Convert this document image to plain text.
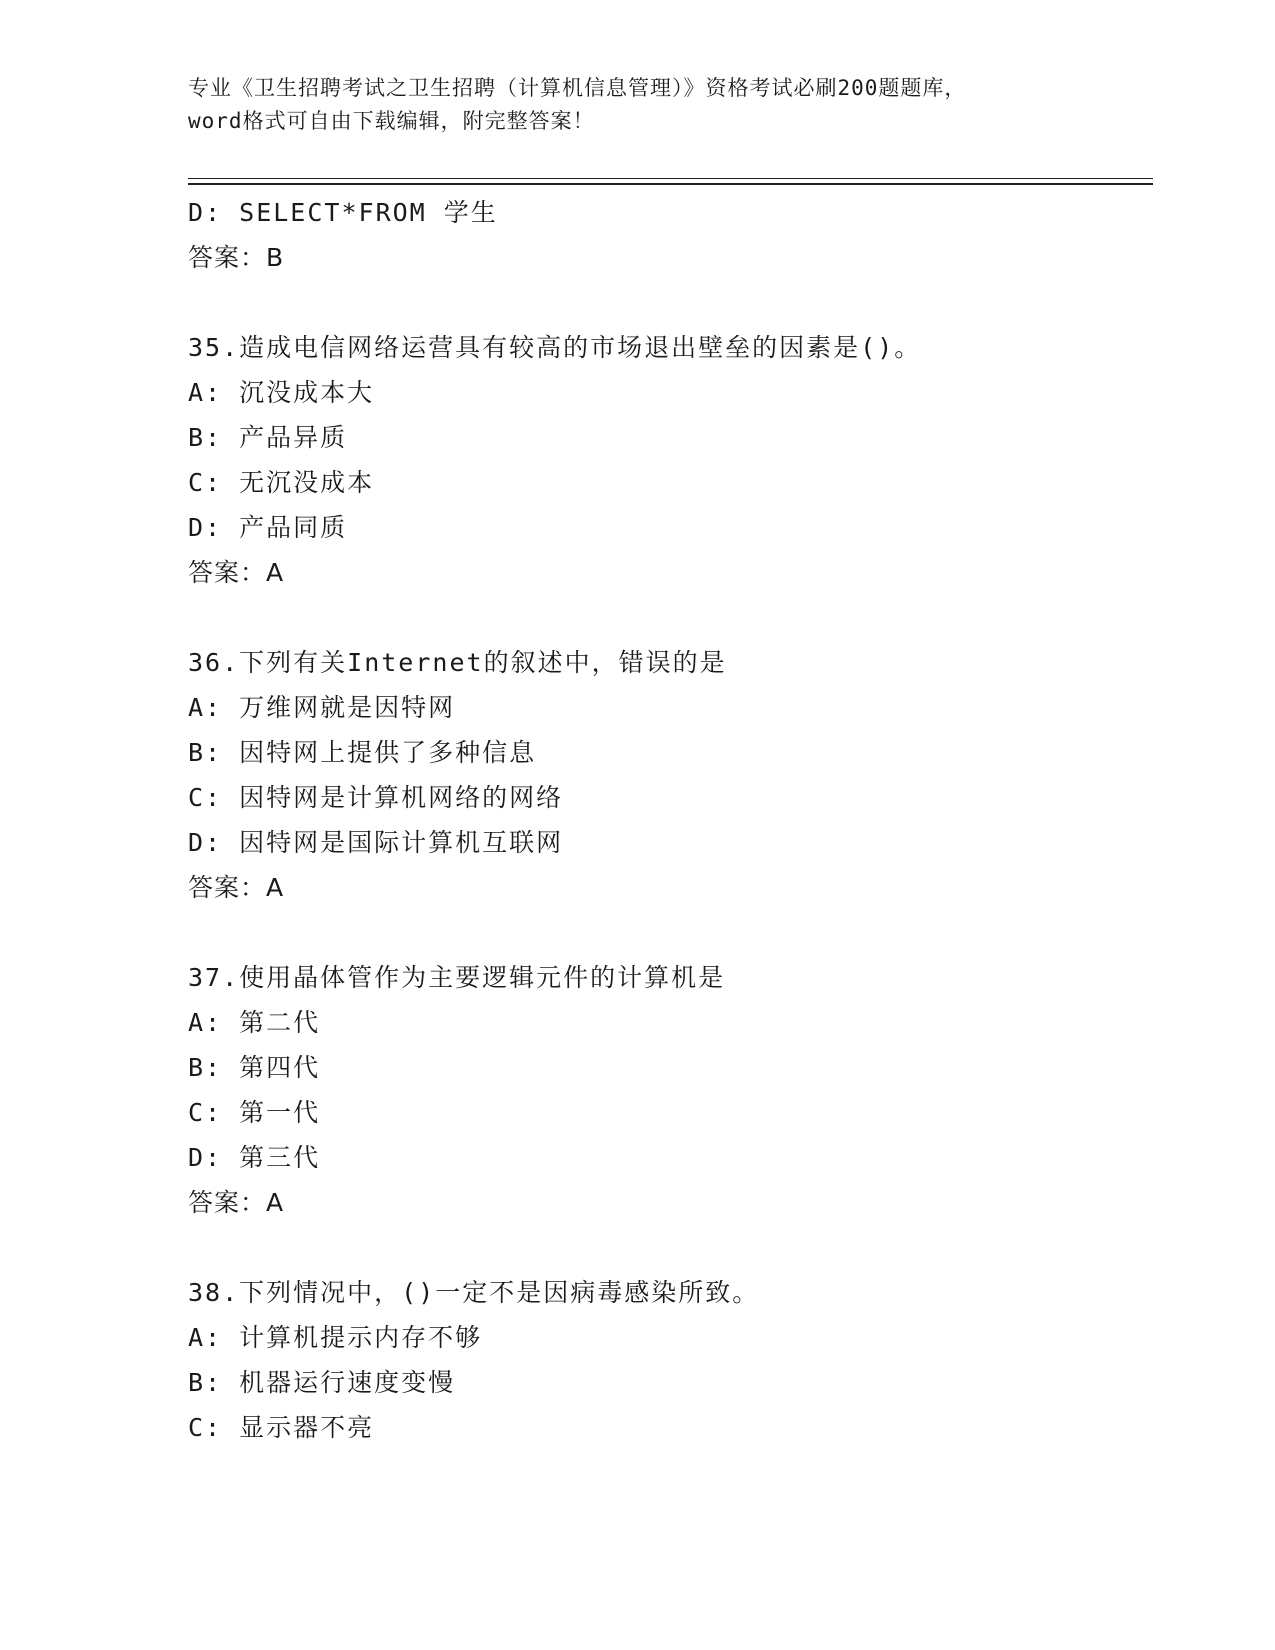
专业《卫生招聘考试之卫生招聘（计算机信息管理）》资格考试必刷200题题库，
word格式可自由下载编辑，附完整答案！
D: SELECT*FROM 学生
答案：B
35.造成电信网络运营具有较高的市场退出壁垒的因素是()。
A: 沉没成本大
B: 产品异质
C: 无沉没成本
D: 产品同质
答案：A
36.下列有关Internet的叙述中，错误的是
A: 万维网就是因特网
B: 因特网上提供了多种信息
C: 因特网是计算机网络的网络
D: 因特网是国际计算机互联网
答案：A
37.使用晶体管作为主要逻辑元件的计算机是
A: 第二代
B: 第四代
C: 第一代
D: 第三代
答案：A
38.下列情况中，()一定不是因病毒感染所致。
A: 计算机提示内存不够
B: 机器运行速度变慢
C: 显示器不亮
